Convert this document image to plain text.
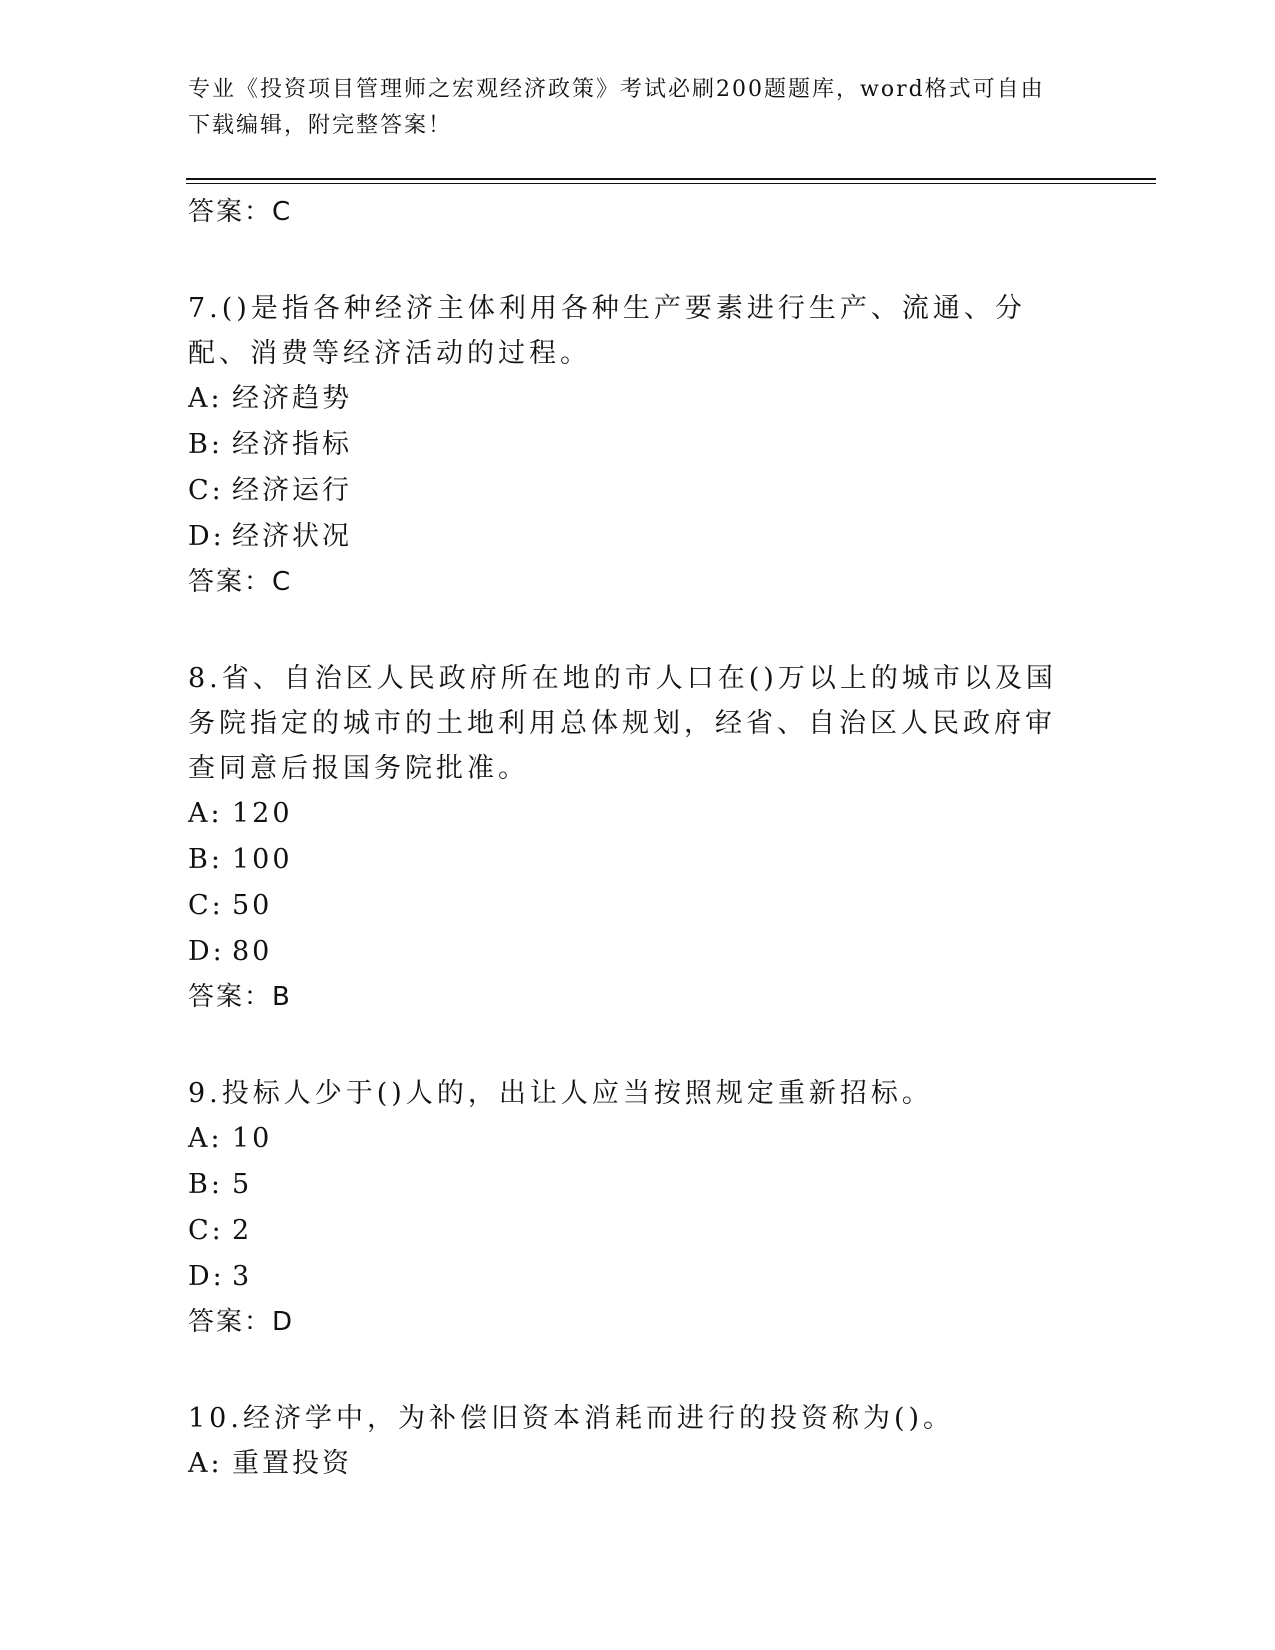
专业《投资项目管理师之宏观经济政策》考试必刷200题题库，word格式可自由下载编辑，附完整答案！
答案：C
7.()是指各种经济主体利用各种生产要素进行生产、流通、分配、消费等经济活动的过程。
A: 经济趋势
B: 经济指标
C: 经济运行
D: 经济状况
答案：C
8.省、自治区人民政府所在地的市人口在()万以上的城市以及国务院指定的城市的土地利用总体规划，经省、自治区人民政府审查同意后报国务院批准。
A: 120
B: 100
C: 50
D: 80
答案：B
9.投标人少于()人的，出让人应当按照规定重新招标。
A: 10
B: 5
C: 2
D: 3
答案：D
10.经济学中，为补偿旧资本消耗而进行的投资称为()。
A: 重置投资
